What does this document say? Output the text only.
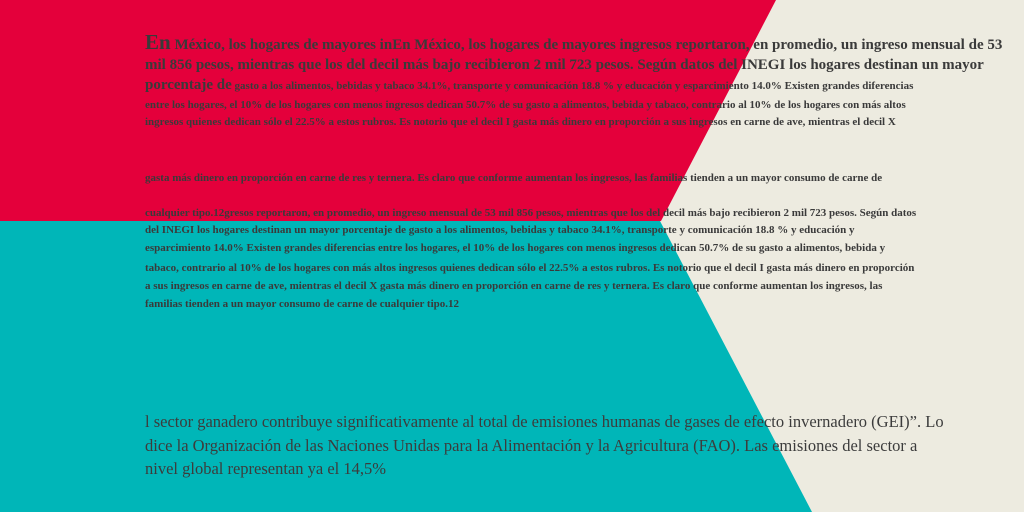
En México, los hogares de mayores inEn México, los hogares de mayores ingresos reportaron, en promedio, un ingreso mensual de 53
mil 856 pesos, mientras que los del decil más bajo recibieron 2 mil 723 pesos. Según datos del INEGI los hogares destinan un mayor
porcentaje de gasto a los alimentos, bebidas y tabaco 34.1%, transporte y comunicación 18.8 % y educación y esparcimiento 14.0% Existen grandes diferencias
entre los hogares, el 10% de los hogares con menos ingresos dedican 50.7% de su gasto a alimentos, bebida y tabaco, contrario al 10% de los hogares con más altos
ingresos quienes dedican sólo el 22.5% a estos rubros. Es notorio que el decil I gasta más dinero en proporción a sus ingresos en carne de ave, mientras el decil X
gasta más dinero en proporción en carne de res y ternera. Es claro que conforme aumentan los ingresos, las familias tienden a un mayor consumo de carne de
cualquier tipo.12gresos reportaron, en promedio, un ingreso mensual de 53 mil 856 pesos, mientras que los del decil más bajo recibieron 2 mil 723 pesos. Según datos
del INEGI los hogares destinan un mayor porcentaje de gasto a los alimentos, bebidas y tabaco 34.1%, transporte y comunicación 18.8 % y educación y
esparcimiento 14.0% Existen grandes diferencias entre los hogares, el 10% de los hogares con menos ingresos dedican 50.7% de su gasto a alimentos, bebida y
tabaco, contrario al 10% de los hogares con más altos ingresos quienes dedican sólo el 22.5% a estos rubros. Es notorio que el decil I gasta más dinero en proporción
a sus ingresos en carne de ave, mientras el decil X gasta más dinero en proporción en carne de res y ternera. Es claro que conforme aumentan los ingresos, las
familias tienden a un mayor consumo de carne de cualquier tipo.12
l sector ganadero contribuye significativamente al total de emisiones humanas de gases de efecto invernadero (GEI)”. Lo
dice la Organización de las Naciones Unidas para la Alimentación y la Agricultura (FAO). Las emisiones del sector a
nivel global representan ya el 14,5%
